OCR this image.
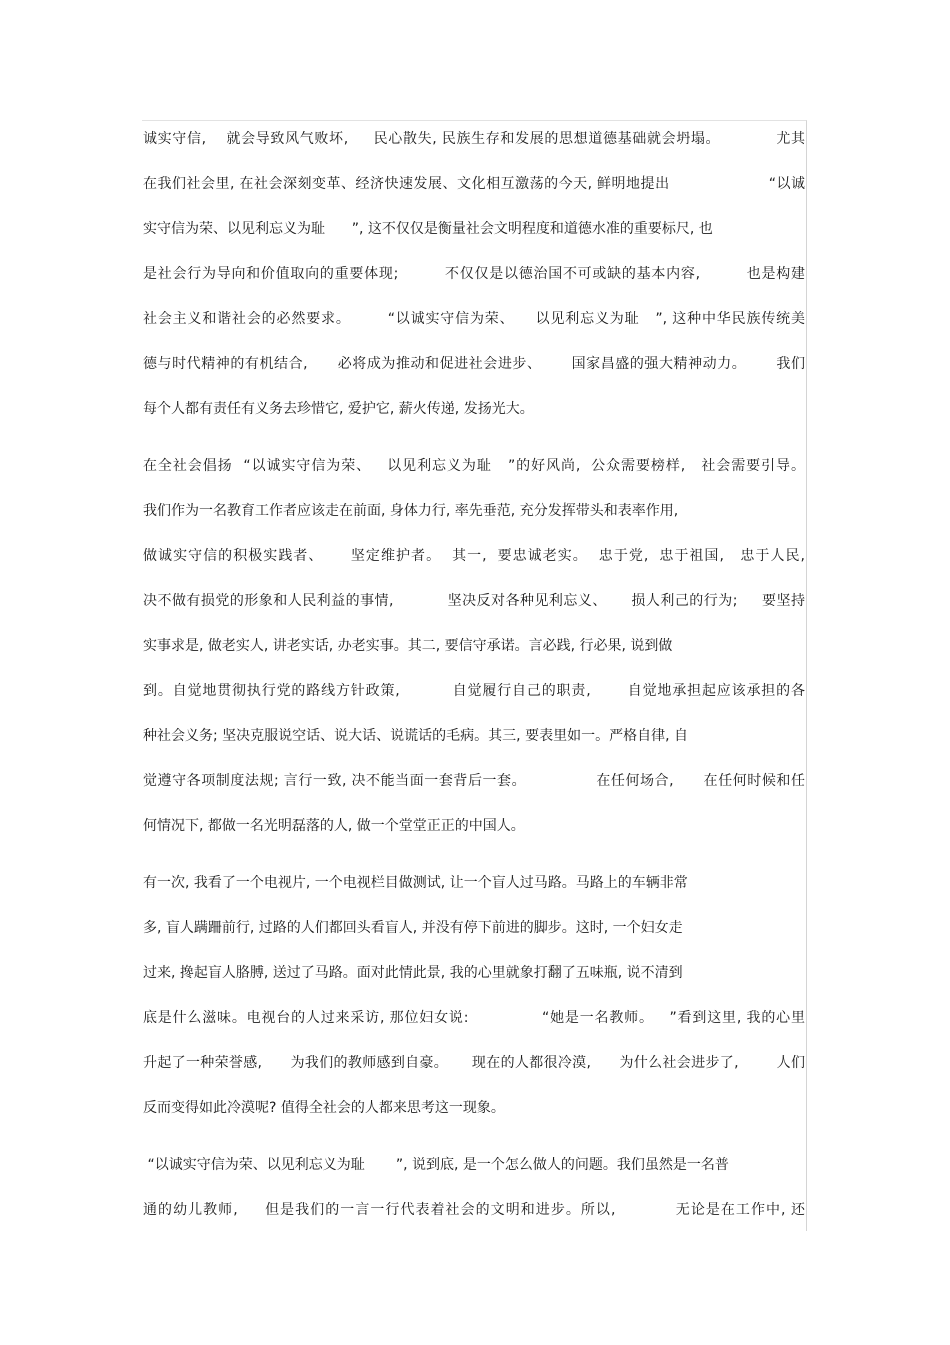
诚实守信,    就会导致风气败坏,     民心散失, 民族生存和发展的思想道德基础就会坍塌。           尤其
在我们社会里, 在社会深刻变革、经济快速发展、文化相互激荡的今天, 鲜明地提出                    “以诚
实守信为荣、以见利忘义为耻      ”, 这不仅仅是衡量社会文明程度和道德水准的重要标尺, 也
是社会行为导向和价值取向的重要体现;         不仅仅是以德治国不可或缺的基本内容,         也是构建
社会主义和谐社会的必然要求。       “以诚实守信为荣、    以见利忘义为耻   ”, 这种中华民族传统美
德与时代精神的有机结合,      必将成为推动和促进社会进步、      国家昌盛的强大精神动力。      我们
每个人都有责任有义务去珍惜它, 爱护它, 薪火传递, 发扬光大。
在全社会倡扬  “以诚实守信为荣、   以见利忘义为耻   ”的好风尚,  公众需要榜样,   社会需要引导。
我们作为一名教育工作者应该走在前面, 身体力行, 率先垂范, 充分发挥带头和表率作用,
做诚实守信的积极实践者、     坚定维护者。  其一,  要忠诚老实。  忠于党,  忠于祖国,   忠于人民,
决不做有损党的形象和人民利益的事情,           坚决反对各种见利忘义、     损人利己的行为;     要坚持
实事求是, 做老实人, 讲老实话, 办老实事。其二, 要信守承诺。言必践, 行必果, 说到做
到。自觉地贯彻执行党的路线方针政策,          自觉履行自己的职责,       自觉地承担起应该承担的各
种社会义务; 坚决克服说空话、说大话、说谎话的毛病。其三, 要表里如一。严格自律, 自
觉遵守各项制度法规; 言行一致, 决不能当面一套背后一套。              在任何场合,      在任何时候和任
何情况下, 都做一名光明磊落的人, 做一个堂堂正正的中国人。
有一次, 我看了一个电视片, 一个电视栏目做测试, 让一个盲人过马路。马路上的车辆非常
多, 盲人蹒跚前行, 过路的人们都回头看盲人, 并没有停下前进的脚步。这时, 一个妇女走
过来, 搀起盲人胳膊, 送过了马路。面对此情此景, 我的心里就象打翻了五味瓶, 说不清到
底是什么滋味。电视台的人过来采访, 那位妇女说:              “她是一名教师。   ”看到这里, 我的心里
升起了一种荣誉感,      为我们的教师感到自豪。     现在的人都很冷漠,      为什么社会进步了,        人们
反而变得如此冷漠呢? 值得全社会的人都来思考这一现象。
“以诚实守信为荣、以见利忘义为耻       ”, 说到底, 是一个怎么做人的问题。我们虽然是一名普
通的幼儿教师,     但是我们的一言一行代表着社会的文明和进步。所以,           无论是在工作中, 还
